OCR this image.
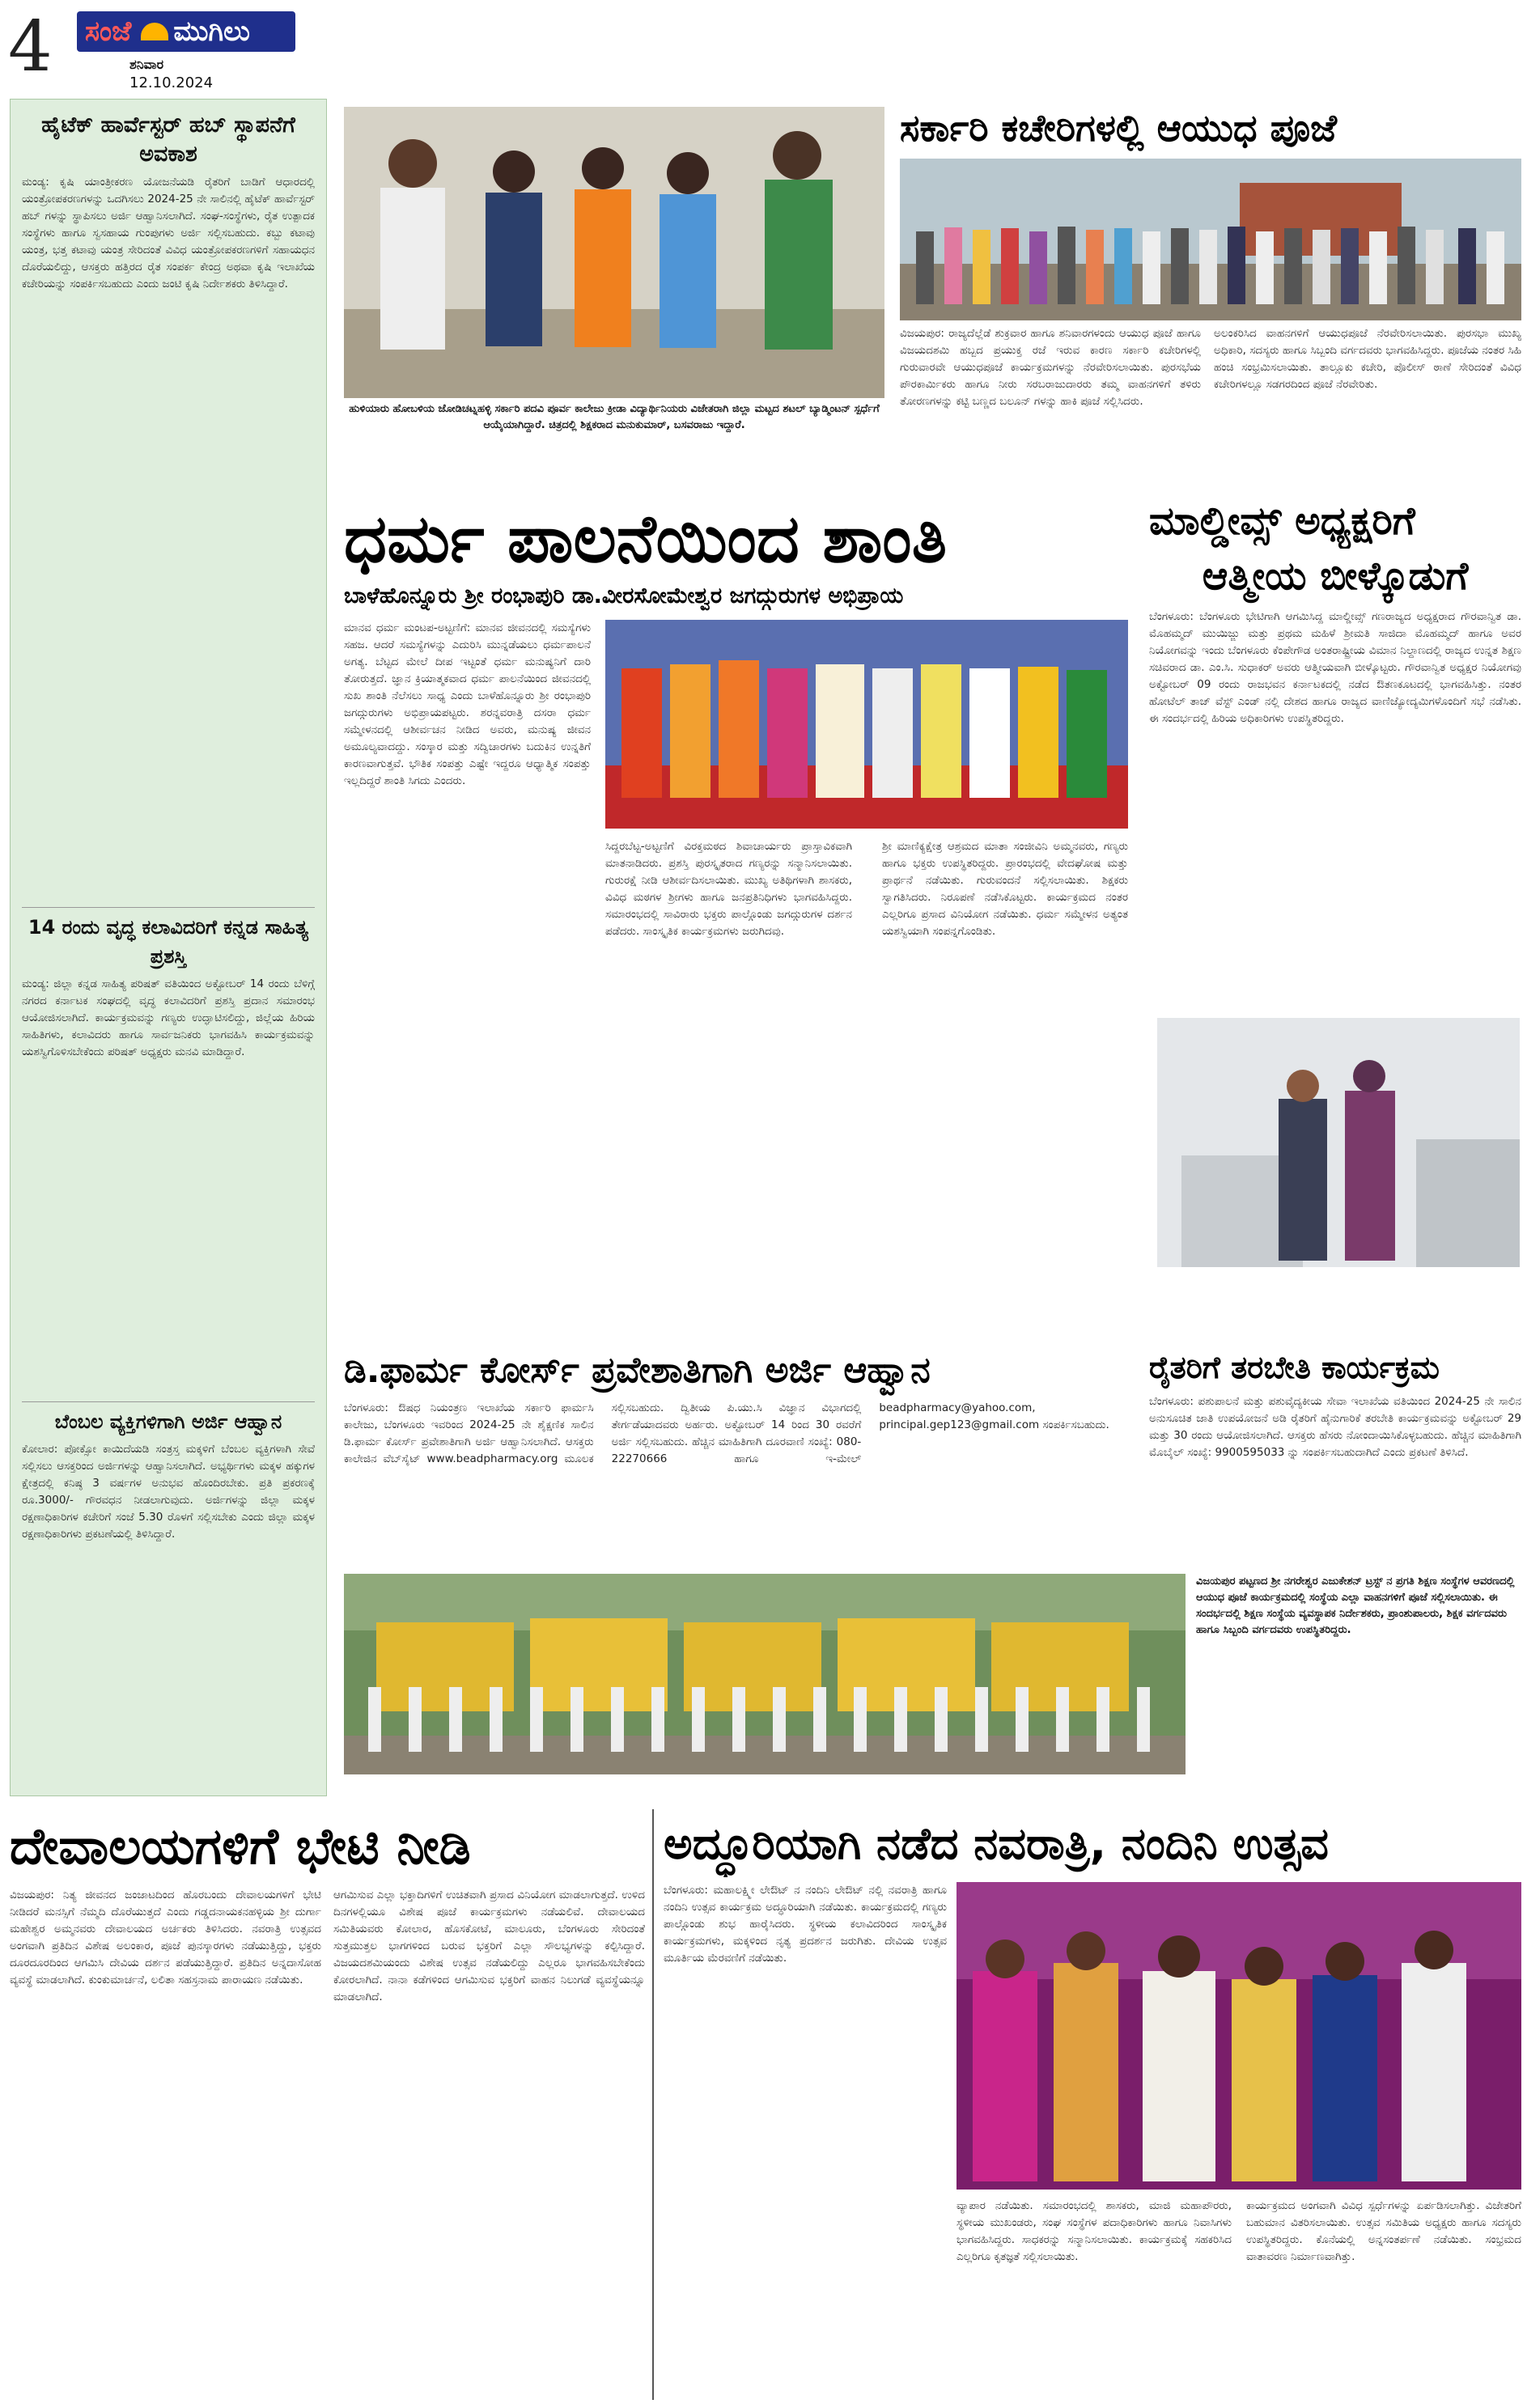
4 ಸಂಜೆ ಮುಗಿಲು
ಶನಿವಾರ
12.10.2024
ಹೈಟೆಕ್ ಹಾರ್ವೆಸ್ಟರ್ ಹಬ್ ಸ್ಥಾಪನೆಗೆ ಅವಕಾಶ
ಮಂಡ್ಯ: ಕೃಷಿ ಯಾಂತ್ರೀಕರಣ ಯೋಜನೆಯಡಿ ರೈತರಿಗೆ ಬಾಡಿಗೆ ಆಧಾರದಲ್ಲಿ ಯಂತ್ರೋಪಕರಣಗಳನ್ನು ಒದಗಿಸಲು 2024-25 ನೇ ಸಾಲಿನಲ್ಲಿ ಹೈಟೆಕ್ ಹಾರ್ವೆಸ್ಟರ್ ಹಬ್ ಗಳನ್ನು ಸ್ಥಾಪಿಸಲು ಅರ್ಜಿ ಆಹ್ವಾನಿಸಲಾಗಿದೆ. ಸಂಘ-ಸಂಸ್ಥೆಗಳು, ರೈತ ಉತ್ಪಾದಕ ಸಂಸ್ಥೆಗಳು ಹಾಗೂ ಸ್ವಸಹಾಯ ಗುಂಪುಗಳು ಅರ್ಜಿ ಸಲ್ಲಿಸಬಹುದು. ಕಬ್ಬು ಕಟಾವು ಯಂತ್ರ, ಭತ್ತ ಕಟಾವು ಯಂತ್ರ ಸೇರಿದಂತೆ ವಿವಿಧ ಯಂತ್ರೋಪಕರಣಗಳಿಗೆ ಸಹಾಯಧನ ದೊರೆಯಲಿದ್ದು, ಆಸಕ್ತರು ಹತ್ತಿರದ ರೈತ ಸಂಪರ್ಕ ಕೇಂದ್ರ ಅಥವಾ ಕೃಷಿ ಇಲಾಖೆಯ ಕಚೇರಿಯನ್ನು ಸಂಪರ್ಕಿಸಬಹುದು ಎಂದು ಜಂಟಿ ಕೃಷಿ ನಿರ್ದೇಶಕರು ತಿಳಿಸಿದ್ದಾರೆ.
14 ರಂದು ವೃದ್ಧ ಕಲಾವಿದರಿಗೆ ಕನ್ನಡ ಸಾಹಿತ್ಯ ಪ್ರಶಸ್ತಿ
ಮಂಡ್ಯ: ಜಿಲ್ಲಾ ಕನ್ನಡ ಸಾಹಿತ್ಯ ಪರಿಷತ್ ವತಿಯಿಂದ ಅಕ್ಟೋಬರ್ 14 ರಂದು ಬೆಳಿಗ್ಗೆ ನಗರದ ಕರ್ನಾಟಕ ಸಂಘದಲ್ಲಿ ವೃದ್ಧ ಕಲಾವಿದರಿಗೆ ಪ್ರಶಸ್ತಿ ಪ್ರದಾನ ಸಮಾರಂಭ ಆಯೋಜಿಸಲಾಗಿದೆ. ಕಾರ್ಯಕ್ರಮವನ್ನು ಗಣ್ಯರು ಉದ್ಘಾಟಿಸಲಿದ್ದು, ಜಿಲ್ಲೆಯ ಹಿರಿಯ ಸಾಹಿತಿಗಳು, ಕಲಾವಿದರು ಹಾಗೂ ಸಾರ್ವಜನಿಕರು ಭಾಗವಹಿಸಿ ಕಾರ್ಯಕ್ರಮವನ್ನು ಯಶಸ್ವಿಗೊಳಿಸಬೇಕೆಂದು ಪರಿಷತ್ ಅಧ್ಯಕ್ಷರು ಮನವಿ ಮಾಡಿದ್ದಾರೆ.
ಬೆಂಬಲ ವ್ಯಕ್ತಿಗಳಿಗಾಗಿ ಅರ್ಜಿ ಆಹ್ವಾನ
ಕೋಲಾರ: ಪೋಕ್ಸೋ ಕಾಯಿದೆಯಡಿ ಸಂತ್ರಸ್ತ ಮಕ್ಕಳಿಗೆ ಬೆಂಬಲ ವ್ಯಕ್ತಿಗಳಾಗಿ ಸೇವೆ ಸಲ್ಲಿಸಲು ಆಸಕ್ತರಿಂದ ಅರ್ಜಿಗಳನ್ನು ಆಹ್ವಾನಿಸಲಾಗಿದೆ. ಅಭ್ಯರ್ಥಿಗಳು ಮಕ್ಕಳ ಹಕ್ಕುಗಳ ಕ್ಷೇತ್ರದಲ್ಲಿ ಕನಿಷ್ಠ 3 ವರ್ಷಗಳ ಅನುಭವ ಹೊಂದಿರಬೇಕು. ಪ್ರತಿ ಪ್ರಕರಣಕ್ಕೆ ರೂ.3000/- ಗೌರವಧನ ನೀಡಲಾಗುವುದು. ಅರ್ಜಿಗಳನ್ನು ಜಿಲ್ಲಾ ಮಕ್ಕಳ ರಕ್ಷಣಾಧಿಕಾರಿಗಳ ಕಚೇರಿಗೆ ಸಂಜೆ 5.30 ರೊಳಗೆ ಸಲ್ಲಿಸಬೇಕು ಎಂದು ಜಿಲ್ಲಾ ಮಕ್ಕಳ ರಕ್ಷಣಾಧಿಕಾರಿಗಳು ಪ್ರಕಟಣೆಯಲ್ಲಿ ತಿಳಿಸಿದ್ದಾರೆ.
ಹುಳಿಯಾರು ಹೋಬಳಿಯ ಜೋಡಿಚಟ್ನಹಳ್ಳಿ ಸರ್ಕಾರಿ ಪದವಿ ಪೂರ್ವ ಕಾಲೇಜು ಕ್ರೀಡಾ ವಿದ್ಯಾರ್ಥಿನಿಯರು ವಿಜೇತರಾಗಿ ಜಿಲ್ಲಾ ಮಟ್ಟದ ಶಟಲ್ ಬ್ಯಾಡ್ಮಿಂಟನ್ ಸ್ಪರ್ಧೆಗೆ ಆಯ್ಕೆಯಾಗಿದ್ದಾರೆ. ಚಿತ್ರದಲ್ಲಿ ಶಿಕ್ಷಕರಾದ ಮನುಕುಮಾರ್, ಬಸವರಾಜು ಇದ್ದಾರೆ.
ಸರ್ಕಾರಿ ಕಚೇರಿಗಳಲ್ಲಿ ಆಯುಧ ಪೂಜೆ
ವಿಜಯಪುರ: ರಾಜ್ಯದೆಲ್ಲೆಡೆ ಶುಕ್ರವಾರ ಹಾಗೂ ಶನಿವಾರಗಳಂದು ಆಯುಧ ಪೂಜೆ ಹಾಗೂ ವಿಜಯದಶಮಿ ಹಬ್ಬದ ಪ್ರಯುಕ್ತ ರಜೆ ಇರುವ ಕಾರಣ ಸರ್ಕಾರಿ ಕಚೇರಿಗಳಲ್ಲಿ ಗುರುವಾರವೇ ಆಯುಧಪೂಜೆ ಕಾರ್ಯಕ್ರಮಗಳನ್ನು ನೆರವೇರಿಸಲಾಯಿತು. ಪುರಸಭೆಯ ಪೌರಕಾರ್ಮಿಕರು ಹಾಗೂ ನೀರು ಸರಬರಾಜುದಾರರು ತಮ್ಮ ವಾಹನಗಳಿಗೆ ತಳಿರು ತೋರಣಗಳನ್ನು ಕಟ್ಟಿ ಬಣ್ಣದ ಬಲೂನ್ ಗಳನ್ನು ಹಾಕಿ ಪೂಜೆ ಸಲ್ಲಿಸಿದರು.
ಅಲಂಕರಿಸಿದ ವಾಹನಗಳಿಗೆ ಆಯುಧಪೂಜೆ ನೆರವೇರಿಸಲಾಯಿತು. ಪುರಸಭಾ ಮುಖ್ಯ ಅಧಿಕಾರಿ, ಸದಸ್ಯರು ಹಾಗೂ ಸಿಬ್ಬಂದಿ ವರ್ಗದವರು ಭಾಗವಹಿಸಿದ್ದರು. ಪೂಜೆಯ ನಂತರ ಸಿಹಿ ಹಂಚಿ ಸಂಭ್ರಮಿಸಲಾಯಿತು. ತಾಲ್ಲೂಕು ಕಚೇರಿ, ಪೊಲೀಸ್ ಠಾಣೆ ಸೇರಿದಂತೆ ವಿವಿಧ ಕಚೇರಿಗಳಲ್ಲೂ ಸಡಗರದಿಂದ ಪೂಜೆ ನೆರವೇರಿತು.
ಧರ್ಮ ಪಾಲನೆಯಿಂದ ಶಾಂತಿ
ಬಾಳೆಹೊನ್ನೂರು ಶ್ರೀ ರಂಭಾಪುರಿ ಡಾ.ವೀರಸೋಮೇಶ್ವರ ಜಗದ್ಗುರುಗಳ ಅಭಿಪ್ರಾಯ
ಮಾನವ ಧರ್ಮ ಮಂಟಪ-ಅಟ್ಟಣಿಗೆ: ಮಾನವ ಜೀವನದಲ್ಲಿ ಸಮಸ್ಯೆಗಳು ಸಹಜ. ಆದರೆ ಸಮಸ್ಯೆಗಳನ್ನು ಎದುರಿಸಿ ಮುನ್ನಡೆಯಲು ಧರ್ಮಪಾಲನೆ ಅಗತ್ಯ. ಬೆಟ್ಟದ ಮೇಲೆ ದೀಪ ಇಟ್ಟಂತೆ ಧರ್ಮ ಮನುಷ್ಯನಿಗೆ ದಾರಿ ತೋರುತ್ತದೆ. ಜ್ಞಾನ ಕ್ರಿಯಾತ್ಮಕವಾದ ಧರ್ಮ ಪಾಲನೆಯಿಂದ ಜೀವನದಲ್ಲಿ ಸುಖ ಶಾಂತಿ ನೆಲೆಸಲು ಸಾಧ್ಯ ಎಂದು ಬಾಳೆಹೊನ್ನೂರು ಶ್ರೀ ರಂಭಾಪುರಿ ಜಗದ್ಗುರುಗಳು ಅಭಿಪ್ರಾಯಪಟ್ಟರು. ಶರನ್ನವರಾತ್ರಿ ದಸರಾ ಧರ್ಮ ಸಮ್ಮೇಳನದಲ್ಲಿ ಆಶೀರ್ವಚನ ನೀಡಿದ ಅವರು, ಮನುಷ್ಯ ಜೀವನ ಅಮೂಲ್ಯವಾದದ್ದು. ಸಂಸ್ಕಾರ ಮತ್ತು ಸದ್ವಿಚಾರಗಳು ಬದುಕಿನ ಉನ್ನತಿಗೆ ಕಾರಣವಾಗುತ್ತವೆ. ಭೌತಿಕ ಸಂಪತ್ತು ಎಷ್ಟೇ ಇದ್ದರೂ ಆಧ್ಯಾತ್ಮಿಕ ಸಂಪತ್ತು ಇಲ್ಲದಿದ್ದರೆ ಶಾಂತಿ ಸಿಗದು ಎಂದರು.
ಸಿದ್ದರಬೆಟ್ಟ-ಅಟ್ಟಣಿಗೆ ವಿರಕ್ತಮಠದ ಶಿವಾಚಾರ್ಯರು ಪ್ರಾಸ್ತಾವಿಕವಾಗಿ ಮಾತನಾಡಿದರು. ಪ್ರಶಸ್ತಿ ಪುರಸ್ಕೃತರಾದ ಗಣ್ಯರನ್ನು ಸನ್ಮಾನಿಸಲಾಯಿತು. ಗುರುರಕ್ಷೆ ನೀಡಿ ಆಶೀರ್ವದಿಸಲಾಯಿತು. ಮುಖ್ಯ ಅತಿಥಿಗಳಾಗಿ ಶಾಸಕರು, ವಿವಿಧ ಮಠಗಳ ಶ್ರೀಗಳು ಹಾಗೂ ಜನಪ್ರತಿನಿಧಿಗಳು ಭಾಗವಹಿಸಿದ್ದರು. ಸಮಾರಂಭದಲ್ಲಿ ಸಾವಿರಾರು ಭಕ್ತರು ಪಾಲ್ಗೊಂಡು ಜಗದ್ಗುರುಗಳ ದರ್ಶನ ಪಡೆದರು. ಸಾಂಸ್ಕೃತಿಕ ಕಾರ್ಯಕ್ರಮಗಳು ಜರುಗಿದವು.
ಶ್ರೀ ಮಾಣಿಕ್ಯಕ್ಷೇತ್ರ ಆಶ್ರಮದ ಮಾತಾ ಸಂಜೀವಿನಿ ಅಮ್ಮನವರು, ಗಣ್ಯರು ಹಾಗೂ ಭಕ್ತರು ಉಪಸ್ಥಿತರಿದ್ದರು. ಪ್ರಾರಂಭದಲ್ಲಿ ವೇದಘೋಷ ಮತ್ತು ಪ್ರಾರ್ಥನೆ ನಡೆಯಿತು. ಗುರುವಂದನೆ ಸಲ್ಲಿಸಲಾಯಿತು. ಶಿಕ್ಷಕರು ಸ್ವಾಗತಿಸಿದರು. ನಿರೂಪಣೆ ನಡೆಸಿಕೊಟ್ಟರು. ಕಾರ್ಯಕ್ರಮದ ನಂತರ ಎಲ್ಲರಿಗೂ ಪ್ರಸಾದ ವಿನಿಯೋಗ ನಡೆಯಿತು. ಧರ್ಮ ಸಮ್ಮೇಳನ ಅತ್ಯಂತ ಯಶಸ್ವಿಯಾಗಿ ಸಂಪನ್ನಗೊಂಡಿತು.
ಮಾಲ್ಡೀವ್ಸ್ ಅಧ್ಯಕ್ಷರಿಗೆ
ಆತ್ಮೀಯ ಬೀಳ್ಕೊಡುಗೆ
ಬೆಂಗಳೂರು: ಬೆಂಗಳೂರು ಭೇಟಿಗಾಗಿ ಆಗಮಿಸಿದ್ದ ಮಾಲ್ಡೀವ್ಸ್ ಗಣರಾಜ್ಯದ ಅಧ್ಯಕ್ಷರಾದ ಗೌರವಾನ್ವಿತ ಡಾ. ಮೊಹಮ್ಮದ್ ಮುಯಿಜ್ಜು ಮತ್ತು ಪ್ರಥಮ ಮಹಿಳೆ ಶ್ರೀಮತಿ ಸಾಜಿದಾ ಮೊಹಮ್ಮದ್ ಹಾಗೂ ಅವರ ನಿಯೋಗವನ್ನು ಇಂದು ಬೆಂಗಳೂರು ಕೆಂಪೇಗೌಡ ಅಂತರಾಷ್ಟ್ರೀಯ ವಿಮಾನ ನಿಲ್ದಾಣದಲ್ಲಿ ರಾಜ್ಯದ ಉನ್ನತ ಶಿಕ್ಷಣ ಸಚಿವರಾದ ಡಾ. ಎಂ.ಸಿ. ಸುಧಾಕರ್ ಅವರು ಆತ್ಮೀಯವಾಗಿ ಬೀಳ್ಕೊಟ್ಟರು. ಗೌರವಾನ್ವಿತ ಅಧ್ಯಕ್ಷರ ನಿಯೋಗವು ಅಕ್ಟೋಬರ್ 09 ರಂದು ರಾಜಭವನ ಕರ್ನಾಟಕದಲ್ಲಿ ನಡೆದ ಔತಣಕೂಟದಲ್ಲಿ ಭಾಗವಹಿಸಿತ್ತು. ನಂತರ ಹೋಟೆಲ್ ತಾಜ್ ವೆಸ್ಟ್ ಎಂಡ್ ನಲ್ಲಿ ದೇಶದ ಹಾಗೂ ರಾಜ್ಯದ ವಾಣಿಜ್ಯೋದ್ಯಮಿಗಳೊಂದಿಗೆ ಸಭೆ ನಡೆಸಿತು. ಈ ಸಂದರ್ಭದಲ್ಲಿ ಹಿರಿಯ ಅಧಿಕಾರಿಗಳು ಉಪಸ್ಥಿತರಿದ್ದರು.
ಡಿ.ಫಾರ್ಮ ಕೋರ್ಸ್ ಪ್ರವೇಶಾತಿಗಾಗಿ ಅರ್ಜಿ ಆಹ್ವಾನ
ಬೆಂಗಳೂರು: ಔಷಧ ನಿಯಂತ್ರಣ ಇಲಾಖೆಯ ಸರ್ಕಾರಿ ಫಾರ್ಮಸಿ ಕಾಲೇಜು, ಬೆಂಗಳೂರು ಇವರಿಂದ 2024-25 ನೇ ಶೈಕ್ಷಣಿಕ ಸಾಲಿನ ಡಿ.ಫಾರ್ಮ ಕೋರ್ಸ್ ಪ್ರವೇಶಾತಿಗಾಗಿ ಅರ್ಜಿ ಆಹ್ವಾನಿಸಲಾಗಿದೆ. ಆಸಕ್ತರು ಕಾಲೇಜಿನ ವೆಬ್‌ಸೈಟ್ www.beadpharmacy.org ಮೂಲಕ ಸಲ್ಲಿಸಬಹುದು. ದ್ವಿತೀಯ ಪಿ.ಯು.ಸಿ ವಿಜ್ಞಾನ ವಿಭಾಗದಲ್ಲಿ ತೇರ್ಗಡೆಯಾದವರು ಅರ್ಹರು. ಅಕ್ಟೋಬರ್ 14 ರಿಂದ 30 ರವರೆಗೆ ಅರ್ಜಿ ಸಲ್ಲಿಸಬಹುದು. ಹೆಚ್ಚಿನ ಮಾಹಿತಿಗಾಗಿ ದೂರವಾಣಿ ಸಂಖ್ಯೆ: 080-22270666 ಹಾಗೂ ಇ-ಮೇಲ್ beadpharmacy@yahoo.com, principal.gep123@gmail.com ಸಂಪರ್ಕಿಸಬಹುದು.
ರೈತರಿಗೆ ತರಬೇತಿ ಕಾರ್ಯಕ್ರಮ
ಬೆಂಗಳೂರು: ಪಶುಪಾಲನೆ ಮತ್ತು ಪಶುವೈದ್ಯಕೀಯ ಸೇವಾ ಇಲಾಖೆಯ ವತಿಯಿಂದ 2024-25 ನೇ ಸಾಲಿನ ಅನುಸೂಚಿತ ಜಾತಿ ಉಪಯೋಜನೆ ಅಡಿ ರೈತರಿಗೆ ಹೈನುಗಾರಿಕೆ ತರಬೇತಿ ಕಾರ್ಯಕ್ರಮವನ್ನು ಅಕ್ಟೋಬರ್ 29 ಮತ್ತು 30 ರಂದು ಆಯೋಜಿಸಲಾಗಿದೆ. ಆಸಕ್ತರು ಹೆಸರು ನೋಂದಾಯಿಸಿಕೊಳ್ಳಬಹುದು. ಹೆಚ್ಚಿನ ಮಾಹಿತಿಗಾಗಿ ಮೊಬೈಲ್ ಸಂಖ್ಯೆ: 9900595033 ನ್ನು ಸಂಪರ್ಕಿಸಬಹುದಾಗಿದೆ ಎಂದು ಪ್ರಕಟಣೆ ತಿಳಿಸಿದೆ.
ವಿಜಯಪುರ ಪಟ್ಟಣದ ಶ್ರೀ ನಗರೇಶ್ವರ ಎಜುಕೇಶನ್ ಟ್ರಸ್ಟ್ ನ ಪ್ರಗತಿ ಶಿಕ್ಷಣ ಸಂಸ್ಥೆಗಳ ಆವರಣದಲ್ಲಿ ಆಯುಧ ಪೂಜೆ ಕಾರ್ಯಕ್ರಮದಲ್ಲಿ ಸಂಸ್ಥೆಯ ಎಲ್ಲಾ ವಾಹನಗಳಿಗೆ ಪೂಜೆ ಸಲ್ಲಿಸಲಾಯಿತು. ಈ ಸಂದರ್ಭದಲ್ಲಿ ಶಿಕ್ಷಣ ಸಂಸ್ಥೆಯ ವ್ಯವಸ್ಥಾಪಕ ನಿರ್ದೇಶಕರು, ಪ್ರಾಂಶುಪಾಲರು, ಶಿಕ್ಷಕ ವರ್ಗದವರು ಹಾಗೂ ಸಿಬ್ಬಂದಿ ವರ್ಗದವರು ಉಪಸ್ಥಿತರಿದ್ದರು.
ದೇವಾಲಯಗಳಿಗೆ ಭೇಟಿ ನೀಡಿ
ವಿಜಯಪುರ: ನಿತ್ಯ ಜೀವನದ ಜಂಜಾಟದಿಂದ ಹೊರಬಂದು ದೇವಾಲಯಗಳಿಗೆ ಭೇಟಿ ನೀಡಿದರೆ ಮನಸ್ಸಿಗೆ ನೆಮ್ಮದಿ ದೊರೆಯುತ್ತದೆ ಎಂದು ಗಡ್ಡದನಾಯಕನಹಳ್ಳಿಯ ಶ್ರೀ ದುರ್ಗಾ ಮಹೇಶ್ವರ ಅಮ್ಮನವರು ದೇವಾಲಯದ ಅರ್ಚಕರು ತಿಳಿಸಿದರು. ನವರಾತ್ರಿ ಉತ್ಸವದ ಅಂಗವಾಗಿ ಪ್ರತಿದಿನ ವಿಶೇಷ ಅಲಂಕಾರ, ಪೂಜೆ ಪುನಸ್ಕಾರಗಳು ನಡೆಯುತ್ತಿದ್ದು, ಭಕ್ತರು ದೂರದೂರದಿಂದ ಆಗಮಿಸಿ ದೇವಿಯ ದರ್ಶನ ಪಡೆಯುತ್ತಿದ್ದಾರೆ. ಪ್ರತಿದಿನ ಅನ್ನದಾಸೋಹ ವ್ಯವಸ್ಥೆ ಮಾಡಲಾಗಿದೆ. ಕುಂಕುಮಾರ್ಚನೆ, ಲಲಿತಾ ಸಹಸ್ರನಾಮ ಪಾರಾಯಣ ನಡೆಯಿತು.
ಆಗಮಿಸುವ ಎಲ್ಲಾ ಭಕ್ತಾದಿಗಳಿಗೆ ಉಚಿತವಾಗಿ ಪ್ರಸಾದ ವಿನಿಯೋಗ ಮಾಡಲಾಗುತ್ತದೆ. ಉಳಿದ ದಿನಗಳಲ್ಲಿಯೂ ವಿಶೇಷ ಪೂಜೆ ಕಾರ್ಯಕ್ರಮಗಳು ನಡೆಯಲಿವೆ. ದೇವಾಲಯದ ಸಮಿತಿಯವರು ಕೋಲಾರ, ಹೊಸಕೋಟೆ, ಮಾಲೂರು, ಬೆಂಗಳೂರು ಸೇರಿದಂತೆ ಸುತ್ತಮುತ್ತಲ ಭಾಗಗಳಿಂದ ಬರುವ ಭಕ್ತರಿಗೆ ಎಲ್ಲಾ ಸೌಲಭ್ಯಗಳನ್ನು ಕಲ್ಪಿಸಿದ್ದಾರೆ. ವಿಜಯದಶಮಿಯಂದು ವಿಶೇಷ ಉತ್ಸವ ನಡೆಯಲಿದ್ದು ಎಲ್ಲರೂ ಭಾಗವಹಿಸಬೇಕೆಂದು ಕೋರಲಾಗಿದೆ. ನಾನಾ ಕಡೆಗಳಿಂದ ಆಗಮಿಸುವ ಭಕ್ತರಿಗೆ ವಾಹನ ನಿಲುಗಡೆ ವ್ಯವಸ್ಥೆಯನ್ನೂ ಮಾಡಲಾಗಿದೆ.
ಅದ್ಧೂರಿಯಾಗಿ ನಡೆದ ನವರಾತ್ರಿ, ನಂದಿನಿ ಉತ್ಸವ
ಬೆಂಗಳೂರು: ಮಹಾಲಕ್ಷ್ಮೀ ಲೇಔಟ್ ನ ನಂದಿನಿ ಲೇಔಟ್ ನಲ್ಲಿ ನವರಾತ್ರಿ ಹಾಗೂ ನಂದಿನಿ ಉತ್ಸವ ಕಾರ್ಯಕ್ರಮ ಅದ್ಧೂರಿಯಾಗಿ ನಡೆಯಿತು. ಕಾರ್ಯಕ್ರಮದಲ್ಲಿ ಗಣ್ಯರು ಪಾಲ್ಗೊಂಡು ಶುಭ ಹಾರೈಸಿದರು. ಸ್ಥಳೀಯ ಕಲಾವಿದರಿಂದ ಸಾಂಸ್ಕೃತಿಕ ಕಾರ್ಯಕ್ರಮಗಳು, ಮಕ್ಕಳಿಂದ ನೃತ್ಯ ಪ್ರದರ್ಶನ ಜರುಗಿತು. ದೇವಿಯ ಉತ್ಸವ ಮೂರ್ತಿಯ ಮೆರವಣಿಗೆ ನಡೆಯಿತು.
ವ್ಯಾಪಾರ ನಡೆಯಿತು. ಸಮಾರಂಭದಲ್ಲಿ ಶಾಸಕರು, ಮಾಜಿ ಮಹಾಪೌರರು, ಸ್ಥಳೀಯ ಮುಖಂಡರು, ಸಂಘ ಸಂಸ್ಥೆಗಳ ಪದಾಧಿಕಾರಿಗಳು ಹಾಗೂ ನಿವಾಸಿಗಳು ಭಾಗವಹಿಸಿದ್ದರು. ಸಾಧಕರನ್ನು ಸನ್ಮಾನಿಸಲಾಯಿತು. ಕಾರ್ಯಕ್ರಮಕ್ಕೆ ಸಹಕರಿಸಿದ ಎಲ್ಲರಿಗೂ ಕೃತಜ್ಞತೆ ಸಲ್ಲಿಸಲಾಯಿತು.
ಕಾರ್ಯಕ್ರಮದ ಅಂಗವಾಗಿ ವಿವಿಧ ಸ್ಪರ್ಧೆಗಳನ್ನು ಏರ್ಪಡಿಸಲಾಗಿತ್ತು. ವಿಜೇತರಿಗೆ ಬಹುಮಾನ ವಿತರಿಸಲಾಯಿತು. ಉತ್ಸವ ಸಮಿತಿಯ ಅಧ್ಯಕ್ಷರು ಹಾಗೂ ಸದಸ್ಯರು ಉಪಸ್ಥಿತರಿದ್ದರು. ಕೊನೆಯಲ್ಲಿ ಅನ್ನಸಂತರ್ಪಣೆ ನಡೆಯಿತು. ಸಂಭ್ರಮದ ವಾತಾವರಣ ನಿರ್ಮಾಣವಾಗಿತ್ತು.
